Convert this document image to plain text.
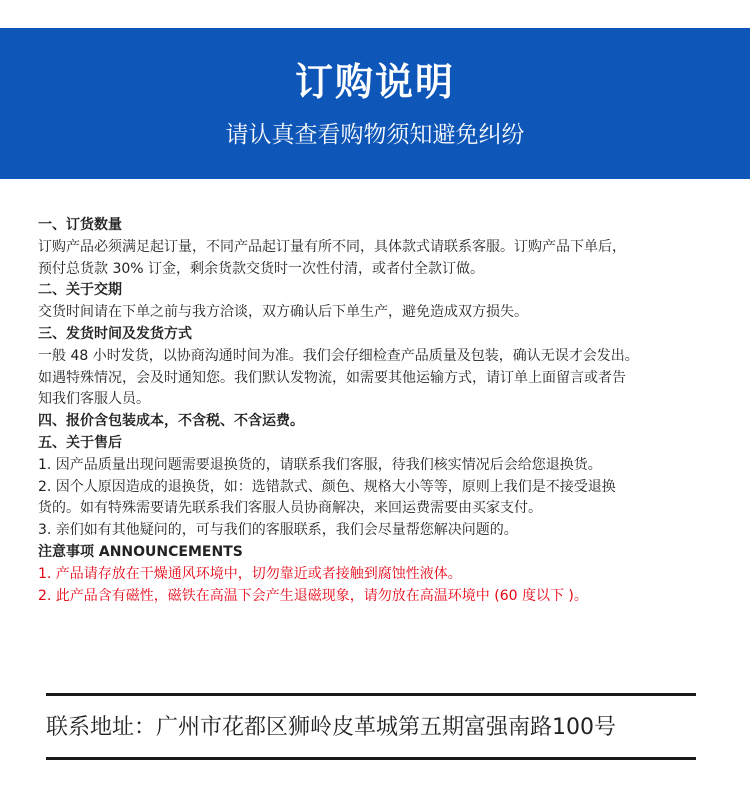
订购说明
请认真查看购物须知避免纠纷

一、订货数量

订购产品必须满足起订量，不同产品起订量有所不同，具体款式请联系客服。订购产品下单后，

预付总货款 30% 订金，剩余货款交货时一次性付清，或者付全款订做。

二、关于交期

交货时间请在下单之前与我方洽谈，双方确认后下单生产，避免造成双方损失。

三、发货时间及发货方式

一般 48 小时发货，以协商沟通时间为准。我们会仔细检查产品质量及包装，确认无误才会发出。

如遇特殊情况，会及时通知您。我们默认发物流，如需要其他运输方式，请订单上面留言或者告

知我们客服人员。

四、报价含包装成本，不含税、不含运费。

五、关于售后

1. 因产品质量出现问题需要退换货的，请联系我们客服，待我们核实情况后会给您退换货。

2. 因个人原因造成的退换货，如：选错款式、颜色、规格大小等等，原则上我们是不接受退换

货的。如有特殊需要请先联系我们客服人员协商解决，来回运费需要由买家支付。

3. 亲们如有其他疑问的，可与我们的客服联系，我们会尽量帮您解决问题的。

注意事项 ANNOUNCEMENTS

1. 产品请存放在干燥通风环境中，切勿靠近或者接触到腐蚀性液体。

2. 此产品含有磁性，磁铁在高温下会产生退磁现象，请勿放在高温环境中 (60 度以下 )。

联系地址：广州市花都区狮岭皮革城第五期富强南路100号
